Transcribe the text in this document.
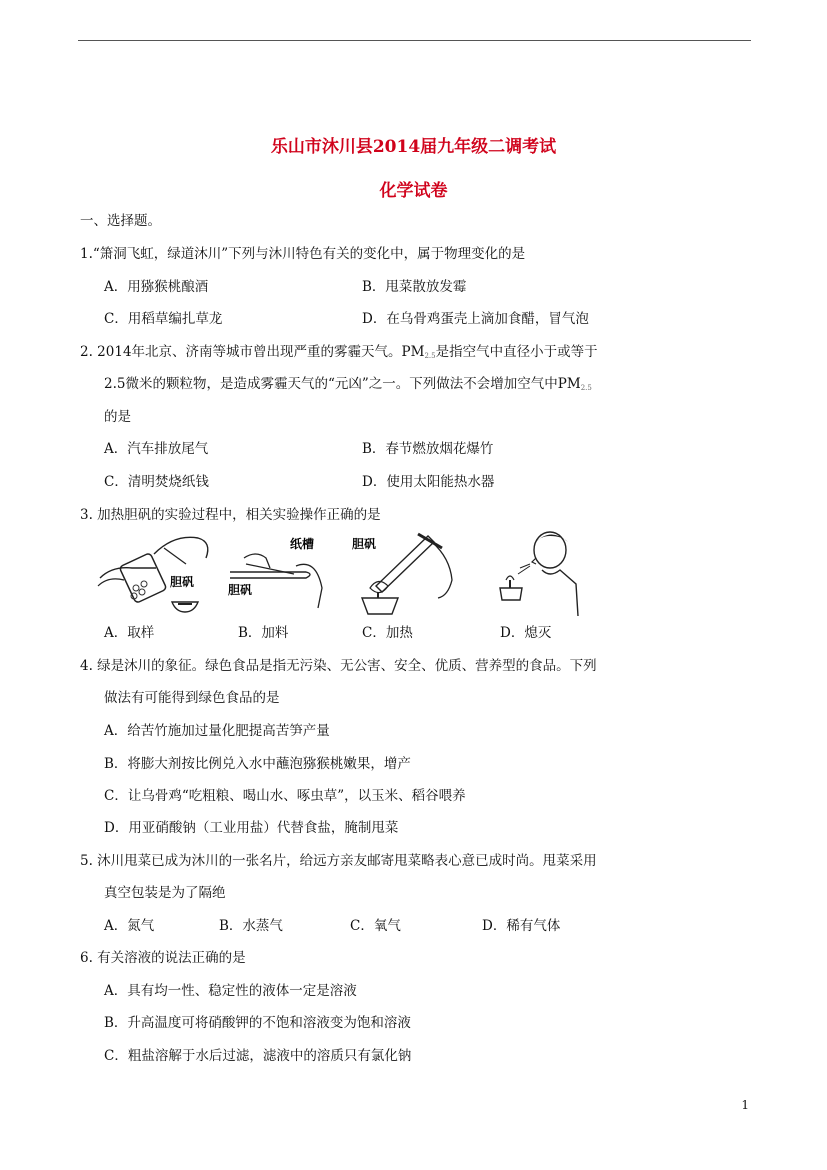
乐山市沐川县2014届九年级二调考试
化学试卷
一、选择题。
1.“箫洞飞虹，绿道沐川”下列与沐川特色有关的变化中，属于物理变化的是
A．用猕猴桃酿酒	B．甩菜散放发霉
C．用稻草编扎草龙	D．在乌骨鸡蛋壳上滴加食醋，冒气泡
2. 2014年北京、济南等城市曾出现严重的雾霾天气。$PM_{2.5}$是指空气中直径小于或等于
2.5微米的颗粒物，是造成雾霾天气的“元凶”之一。下列做法不会增加空气中$PM_{2.5}$
的是
A．汽车排放尾气	B．春节燃放烟花爆竹
C．清明焚烧纸钱	D．使用太阳能热水器
3. 加热胆矾的实验过程中，相关实验操作正确的是
胆矾
纸槽
胆矾
胆矾
A．取样	B．加料	C．加热	D．熄灭
4. 绿是沐川的象征。绿色食品是指无污染、无公害、安全、优质、营养型的食品。下列
做法有可能得到绿色食品的是
A．给苦竹施加过量化肥提高苦笋产量
B．将膨大剂按比例兑入水中蘸泡猕猴桃嫩果，增产
C．让乌骨鸡“吃粗粮、喝山水、啄虫草”，以玉米、稻谷喂养
D．用亚硝酸钠（工业用盐）代替食盐，腌制甩菜
5. 沐川甩菜已成为沐川的一张名片，给远方亲友邮寄甩菜略表心意已成时尚。甩菜采用
真空包装是为了隔绝
A．氮气	B．水蒸气	C．氧气	D．稀有气体
6. 有关溶液的说法正确的是
A．具有均一性、稳定性的液体一定是溶液
B．升高温度可将硝酸钾的不饱和溶液变为饱和溶液
C．粗盐溶解于水后过滤，滤液中的溶质只有氯化钠
1
